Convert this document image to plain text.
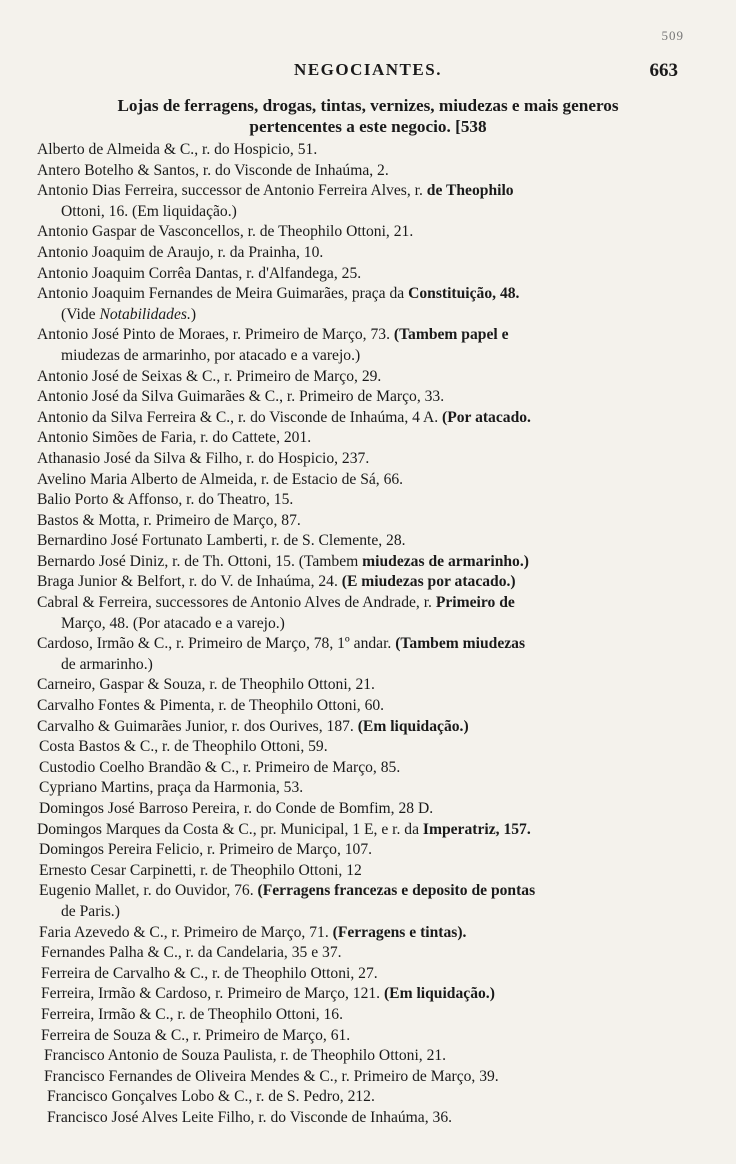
509
NEGOCIANTES.	663
Lojas de ferragens, drogas, tintas, vernizes, miudezas e mais generos
pertencentes a este negocio. [538
Alberto de Almeida & C., r. do Hospicio, 51.
Antero Botelho & Santos, r. do Visconde de Inhaúma, 2.
Antonio Dias Ferreira, successor de Antonio Ferreira Alves, r. de Theophilo
Ottoni, 16. (Em liquidação.)
Antonio Gaspar de Vasconcellos, r. de Theophilo Ottoni, 21.
Antonio Joaquim de Araujo, r. da Prainha, 10.
Antonio Joaquim Corrêa Dantas, r. d'Alfandega, 25.
Antonio Joaquim Fernandes de Meira Guimarães, praça da Constituição, 48.
(Vide Notabilidades.)
Antonio José Pinto de Moraes, r. Primeiro de Março, 73. (Tambem papel e
miudezas de armarinho, por atacado e a varejo.)
Antonio José de Seixas & C., r. Primeiro de Março, 29.
Antonio José da Silva Guimarães & C., r. Primeiro de Março, 33.
Antonio da Silva Ferreira & C., r. do Visconde de Inhaúma, 4 A. (Por atacado.
Antonio Simões de Faria, r. do Cattete, 201.
Athanasio José da Silva & Filho, r. do Hospicio, 237.
Avelino Maria Alberto de Almeida, r. de Estacio de Sá, 66.
Balio Porto & Affonso, r. do Theatro, 15.
Bastos & Motta, r. Primeiro de Março, 87.
Bernardino José Fortunato Lamberti, r. de S. Clemente, 28.
Bernardo José Diniz, r. de Th. Ottoni, 15. (Tambem miudezas de armarinho.)
Braga Junior & Belfort, r. do V. de Inhaúma, 24. (E miudezas por atacado.)
Cabral & Ferreira, successores de Antonio Alves de Andrade, r. Primeiro de
Março, 48. (Por atacado e a varejo.)
Cardoso, Irmão & C., r. Primeiro de Março, 78, 1º andar. (Tambem miudezas
de armarinho.)
Carneiro, Gaspar & Souza, r. de Theophilo Ottoni, 21.
Carvalho Fontes & Pimenta, r. de Theophilo Ottoni, 60.
Carvalho & Guimarães Junior, r. dos Ourives, 187. (Em liquidação.)
Costa Bastos & C., r. de Theophilo Ottoni, 59.
Custodio Coelho Brandão & C., r. Primeiro de Março, 85.
Cypriano Martins, praça da Harmonia, 53.
Domingos José Barroso Pereira, r. do Conde de Bomfim, 28 D.
Domingos Marques da Costa & C., pr. Municipal, 1 E, e r. da Imperatriz, 157.
Domingos Pereira Felicio, r. Primeiro de Março, 107.
Ernesto Cesar Carpinetti, r. de Theophilo Ottoni, 12
Eugenio Mallet, r. do Ouvidor, 76. (Ferragens francezas e deposito de pontas
de Paris.)
Faria Azevedo & C., r. Primeiro de Março, 71. (Ferragens e tintas).
Fernandes Palha & C., r. da Candelaria, 35 e 37.
Ferreira de Carvalho & C., r. de Theophilo Ottoni, 27.
Ferreira, Irmão & Cardoso, r. Primeiro de Março, 121. (Em liquidação.)
Ferreira, Irmão & C., r. de Theophilo Ottoni, 16.
Ferreira de Souza & C., r. Primeiro de Março, 61.
Francisco Antonio de Souza Paulista, r. de Theophilo Ottoni, 21.
Francisco Fernandes de Oliveira Mendes & C., r. Primeiro de Março, 39.
Francisco Gonçalves Lobo & C., r. de S. Pedro, 212.
Francisco José Alves Leite Filho, r. do Visconde de Inhaúma, 36.
